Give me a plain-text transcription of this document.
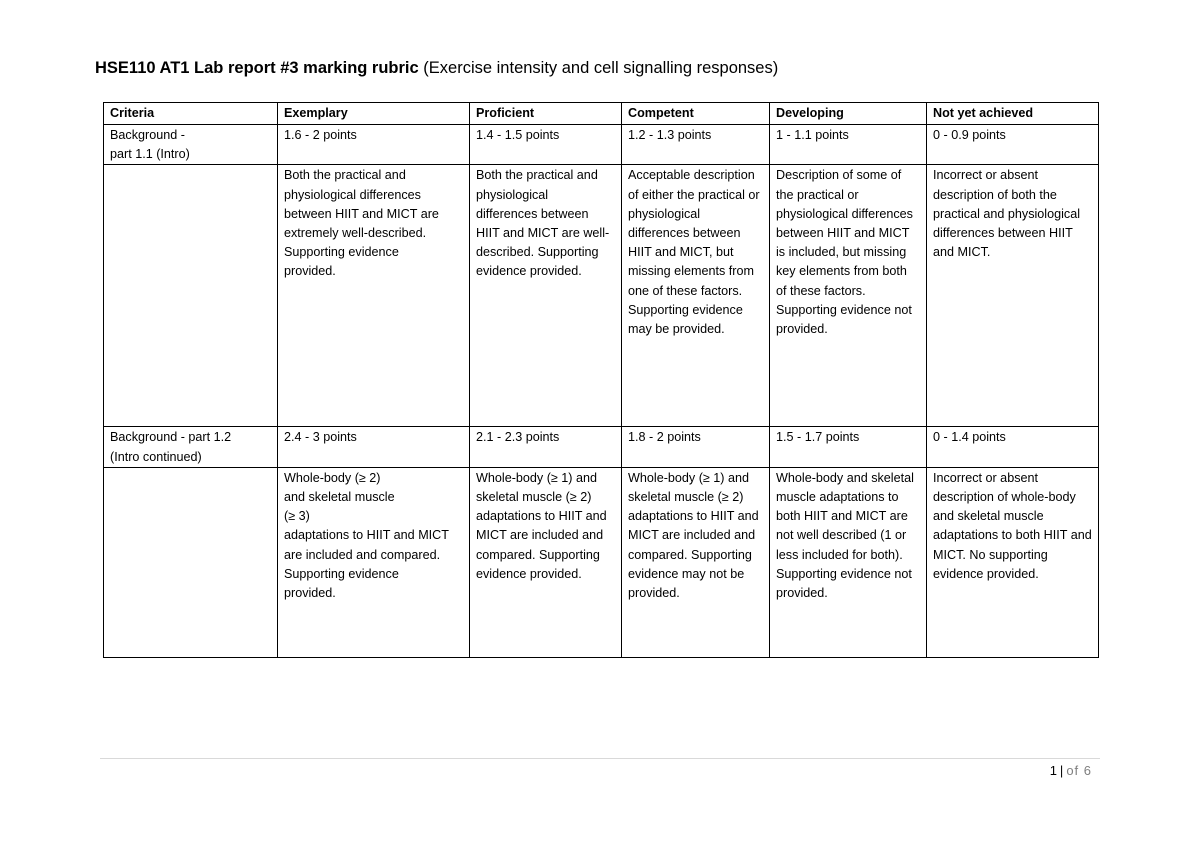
HSE110 AT1 Lab report #3 marking rubric (Exercise intensity and cell signalling responses)
Criteria	Exemplary	Proficient	Competent	Developing	Not yet achieved

Background -
part 1.1 (Intro)	1.6 - 2 points	1.4 - 1.5 points	1.2 - 1.3 points	1 - 1.1 points	0 - 0.9 points
	Both the practical and physiological differences between HIIT and MICT are extremely well-described. Supporting evidence provided.	Both the practical and physiological differences between HIIT and MICT are well- described. Supporting evidence provided.	Acceptable description of either the practical or physiological differences between HIIT and MICT, but missing elements from one of these factors. Supporting evidence may be provided.	Description of some of the practical or physiological differences between HIIT and MICT is included, but missing key elements from both of these factors. Supporting evidence not provided.	Incorrect or absent description of both the practical and physiological differences between HIIT and MICT.

Background - part 1.2
(Intro continued)	2.4 - 3 points	2.1 - 2.3 points	1.8 - 2 points	1.5 - 1.7 points	0 - 1.4 points

	Whole-body (≥ 2)
and skeletal muscle
(≥ 3)
adaptations to HIIT and MICT are included and compared. Supporting evidence provided.	Whole-body (≥ 1) and skeletal muscle (≥ 2) adaptations to HIIT and MICT are included and compared. Supporting evidence provided.	Whole-body (≥ 1) and skeletal muscle (≥ 2) adaptations to HIIT and MICT are included and compared. Supporting evidence may not be provided.	Whole-body and skeletal muscle adaptations to both HIIT and MICT are not well described (1 or less included for both). Supporting evidence not provided.	Incorrect or absent description of whole-body and skeletal muscle adaptations to both HIIT and MICT. No supporting evidence provided.
1 | of 6
